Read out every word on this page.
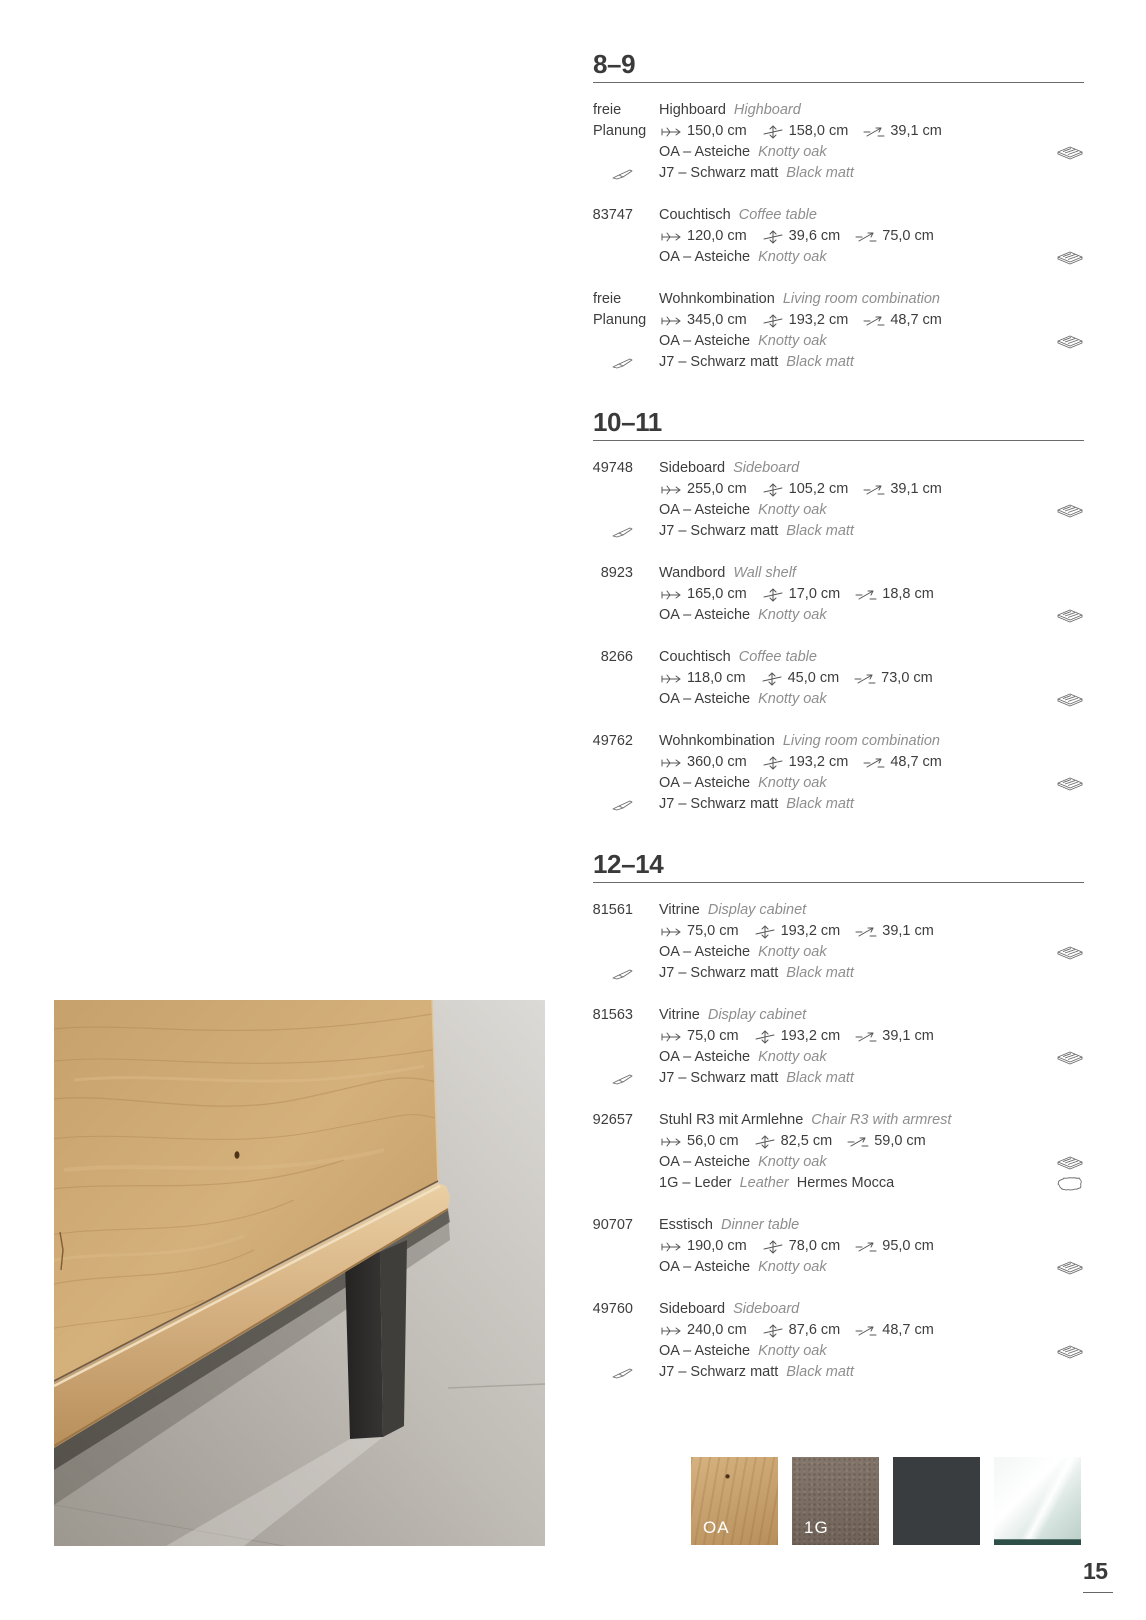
8–9
freie	Highboard Highboard
Planung	150,0 cm	158,0 cm	39,1 cm
OA – Asteiche Knotty oak
J7 – Schwarz matt Black matt
83747 Couchtisch Coffee table
120,0 cm	39,6 cm	75,0 cm
OA – Asteiche Knotty oak
freie	Wohnkombination Living room combination
Planung	345,0 cm	193,2 cm	48,7 cm
OA – Asteiche Knotty oak
J7 – Schwarz matt Black matt
10–11
49748 Sideboard Sideboard
255,0 cm	105,2 cm	39,1 cm
OA – Asteiche Knotty oak
J7 – Schwarz matt Black matt
8923 Wandbord Wall shelf
165,0 cm	17,0 cm	18,8 cm
OA – Asteiche Knotty oak
8266 Couchtisch Coffee table
118,0 cm	45,0 cm	73,0 cm
OA – Asteiche Knotty oak
49762 Wohnkombination Living room combination
360,0 cm	193,2 cm	48,7 cm
OA – Asteiche Knotty oak
J7 – Schwarz matt Black matt
12–14
81561 Vitrine Display cabinet
75,0 cm	193,2 cm	39,1 cm
OA – Asteiche Knotty oak
J7 – Schwarz matt Black matt
81563 Vitrine Display cabinet
75,0 cm	193,2 cm	39,1 cm
OA – Asteiche Knotty oak
J7 – Schwarz matt Black matt
92657 Stuhl R3 mit Armlehne Chair R3 with armrest
56,0 cm	82,5 cm	59,0 cm
OA – Asteiche Knotty oak
1G – Leder Leather Hermes Mocca
90707 Esstisch Dinner table
190,0 cm	78,0 cm	95,0 cm
OA – Asteiche Knotty oak
49760 Sideboard Sideboard
240,0 cm	87,6 cm	48,7 cm
OA – Asteiche Knotty oak
J7 – Schwarz matt Black matt
OA	1G
15
